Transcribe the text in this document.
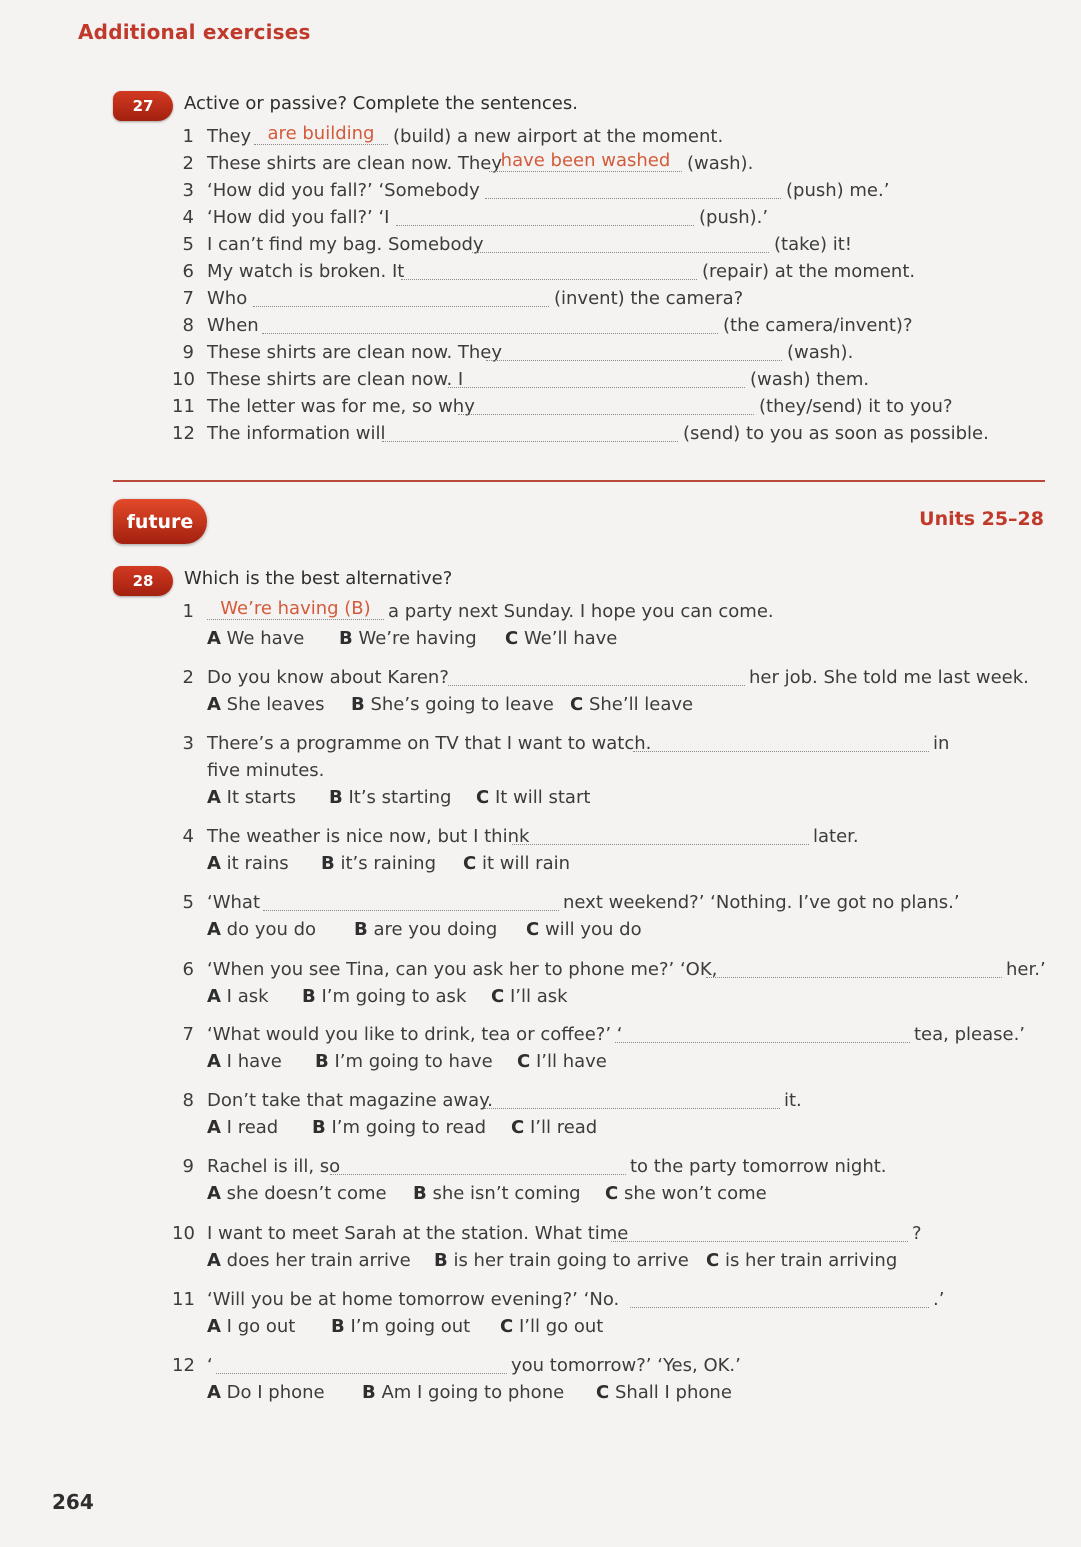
Additional exercises
27	Active or passive? Complete the sentences.
1 They are building	(build) a new airport at the moment.
2 These shirts are clean now. They
have been washed (wash).
3 ‘How did you fall?’ ‘Somebody	(push) me.’
4 ‘How did you fall?’ ‘I	(push).’
5 I can’t find my bag. Somebody	(take) it!
6 My watch is broken. It	(repair) at the moment.
7 Who	(invent) the camera?
8 When	(the camera/invent)?
9 These shirts are clean now. They	(wash).
10 These shirts are clean now. I	(wash) them.
11 The letter was for me, so why	(they/send) it to you?
12 The information will	(send) to you as soon as possible.
future	Units 25–28
28	Which is the best alternative?
1	We’re having (B) a party next Sunday. I hope you can come.
A We have B We’re having C We’ll have
2 Do you know about Karen?	her job. She told me last week.
A She leaves B She’s going to leave C She’ll leave
3 There’s a programme on TV that I want to watch.	in
five minutes.
A It starts B It’s starting C It will start
4 The weather is nice now, but I think	later.
A it rains B it’s raining C it will rain
5 ‘What	next weekend?’ ‘Nothing. I’ve got no plans.’
A do you do B are you doing C will you do
6 ‘When you see Tina, can you ask her to phone me?’ ‘OK,	her.’
A I ask B I’m going to ask C I’ll ask
7 ‘What would you like to drink, tea or coffee?’ ‘	tea, please.’
A I have B I’m going to have C I’ll have
8 Don’t take that magazine away.	it.
A I read B I’m going to read C I’ll read
9 Rachel is ill, so	to the party tomorrow night.
A she doesn’t come B she isn’t coming C she won’t come
10 I want to meet Sarah at the station. What time	?
A does her train arrive B is her train going to arrive C is her train arriving
11 ‘Will you be at home tomorrow evening?’ ‘No.	.’
A I go out B I’m going out C I’ll go out
12 ‘	you tomorrow?’ ‘Yes, OK.’
A Do I phone B Am I going to phone C Shall I phone
264
